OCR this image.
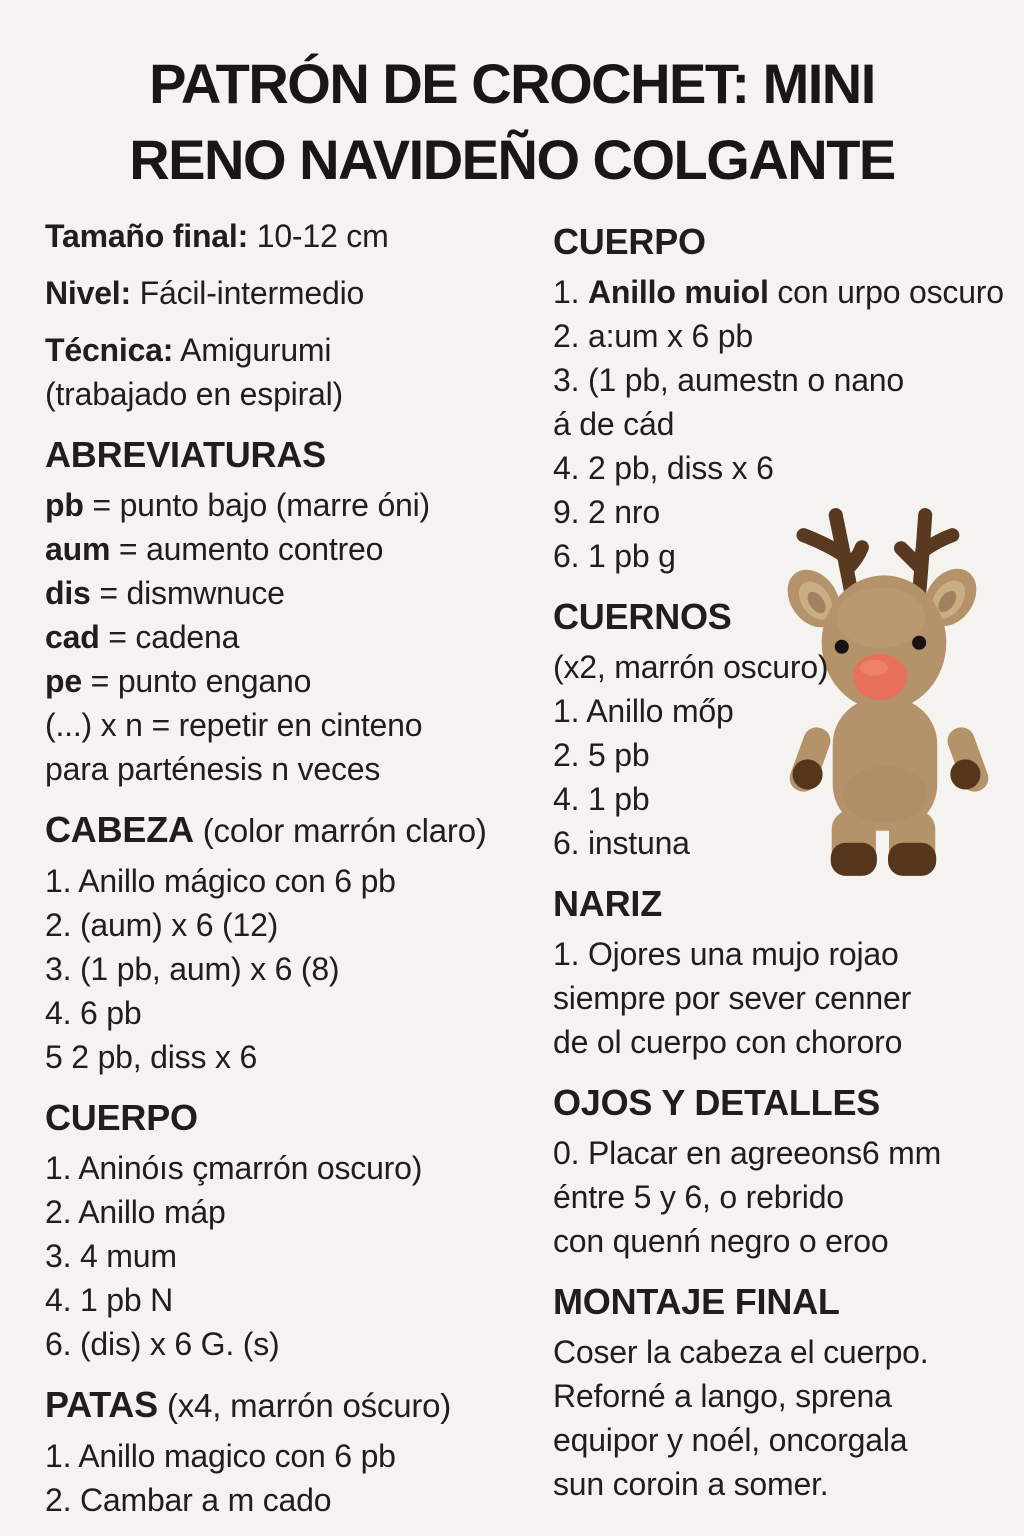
PATRÓN DE CROCHET: MINI
RENO NAVIDEÑO COLGANTE

Tamaño final: 10-12 cm

Nivel: Fácil-intermedio

Técnica: Amigurumi

(trabajado en espiral)

ABREVIATURAS

pb = punto bajo (marre óni)

aum = aumento contreo

dis = dismwnuce

cad = cadena

pe = punto engano

(...) x n = repetir en cinteno

para parténesis n veces

CABEZA (color marrón claro)

1. Anillo mágico con 6 pb

2. (aum) x 6 (12)

3. (1 pb, aum) x 6 (8)

4. 6 pb

5 2 pb, diss x 6

CUERPO

1. Aninóıs çmarrón oscuro)

2. Anillo máp

3. 4 mum

4. 1 pb N

6. (dis) x 6 G. (s)

PATAS (x4, marrón oścuro)

1. Anillo magico con 6 pb

2. Cambar a m cado

CUERPO

1. Anillo muiol con urpo oscuro

2. a:um x 6 pb

3. (1 pb, aumestn o nano

á de cád

4. 2 pb, diss x 6

9. 2 nro

6. 1 pb g

CUERNOS

(x2, marrón oscuro)

1. Anillo mőp

2. 5 pb

4. 1 pb

6. instuna

NARIZ

1. Ojores una mujo rojao

siempre por sever cenner

de ol cuerpo con chororo

OJOS Y DETALLES

0. Placar en agreeons6 mm

éntre 5 y 6, o rebrido

con quenń negro o eroo

MONTAJE FINAL

Coser la cabeza el cuerpo.

Reforné a lango, sprena

equipor y noél, oncorgala

sun coroin a somer.
